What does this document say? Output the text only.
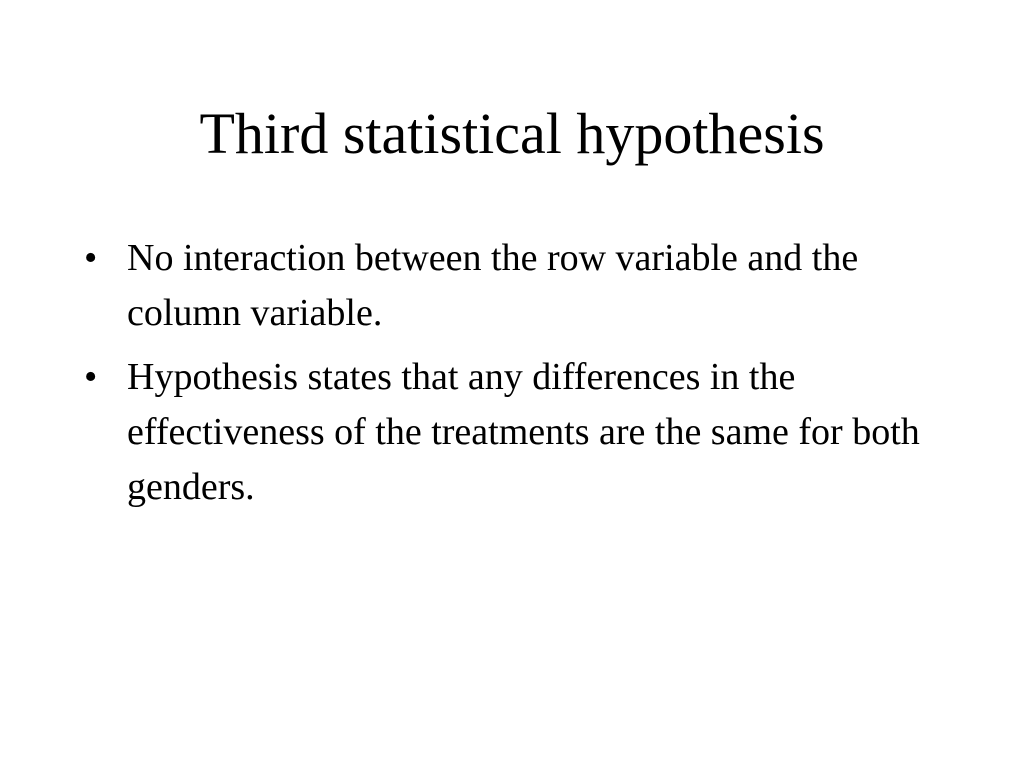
Third statistical hypothesis
• No interaction between the row variable and the column variable.
• Hypothesis states that any differences in the effectiveness of the treatments are the same for both genders.
